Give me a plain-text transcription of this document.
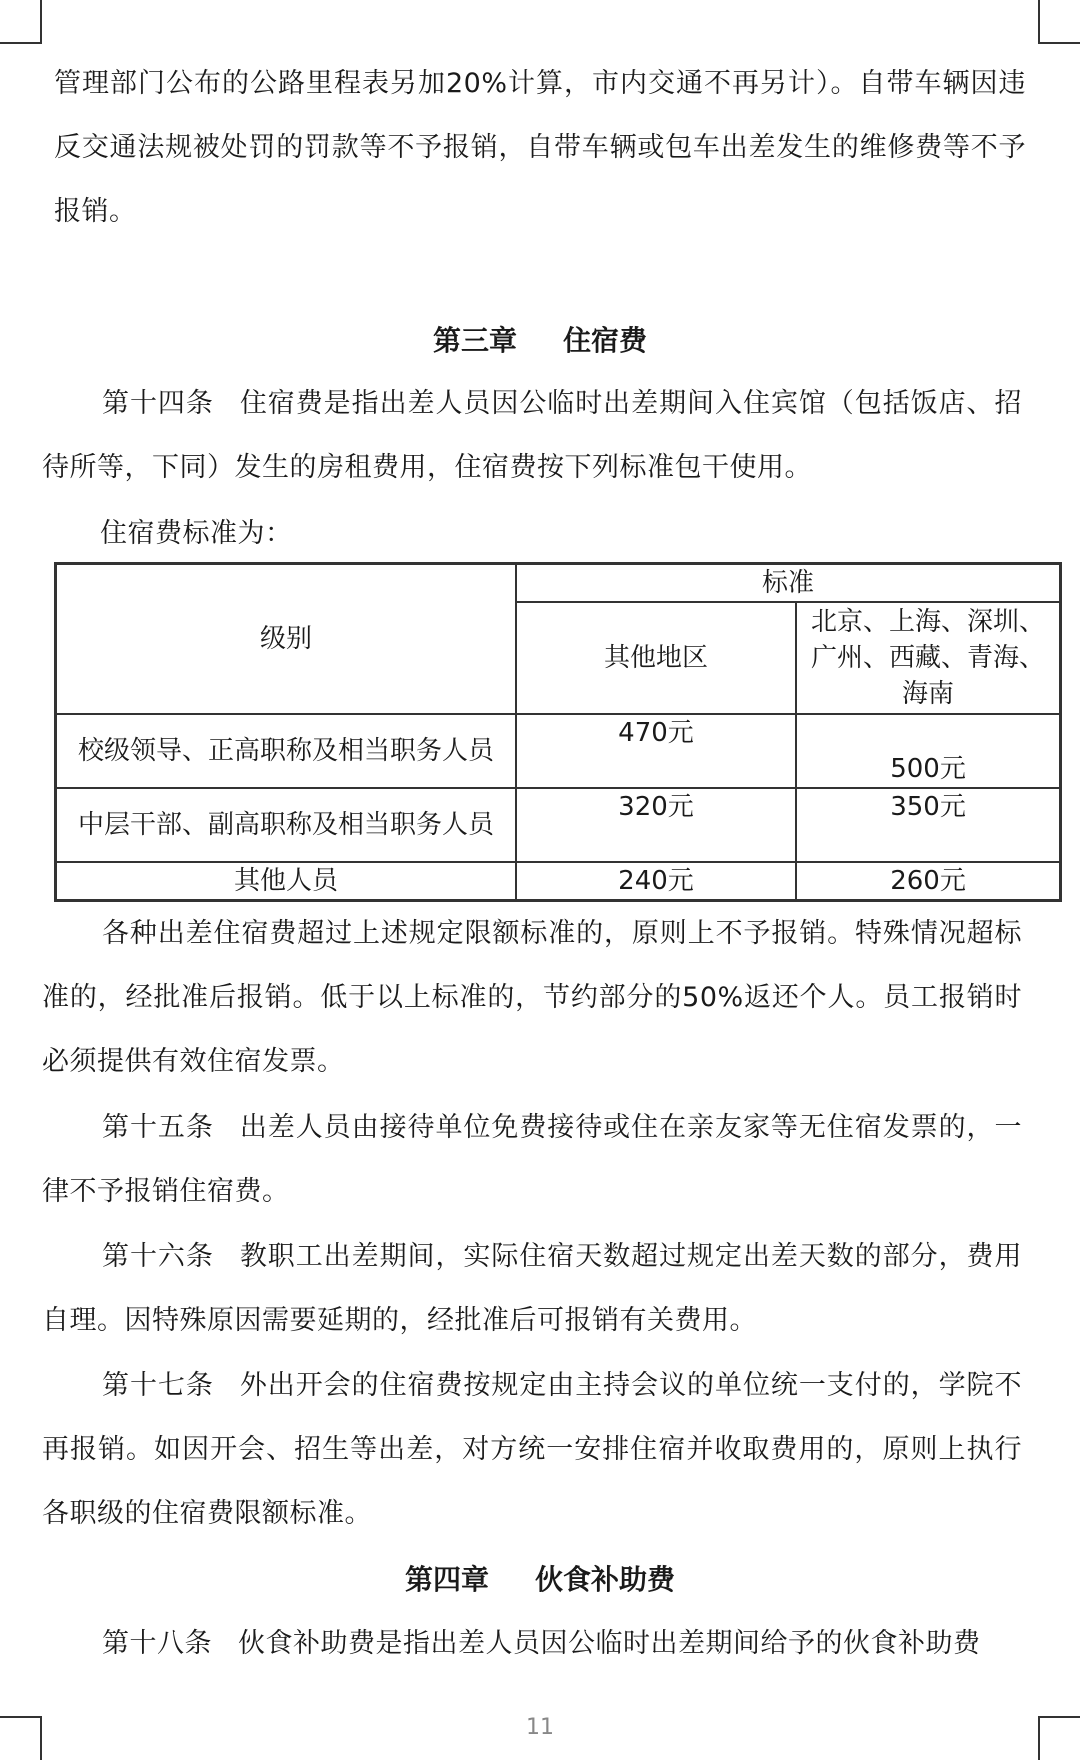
管理部门公布的公路里程表另加20%计算，市内交通不再另计）。自带车辆因违反交通法规被处罚的罚款等不予报销，自带车辆或包车出差发生的维修费等不予报销。

第三章 住宿费

第十四条 住宿费是指出差人员因公临时出差期间入住宾馆（包括饭店、招待所等，下同）发生的房租费用，住宿费按下列标准包干使用。

住宿费标准为：

级别	标准	
	其他地区	北京、上海、深圳、广州、西藏、青海、海南
校级领导、正高职称及相当职务人员	470元	500元
中层干部、副高职称及相当职务人员	320元	350元
其他人员	240元	260元

各种出差住宿费超过上述规定限额标准的，原则上不予报销。特殊情况超标准的，经批准后报销。低于以上标准的，节约部分的50%返还个人。员工报销时必须提供有效住宿发票。

第十五条 出差人员由接待单位免费接待或住在亲友家等无住宿发票的，一律不予报销住宿费。

第十六条 教职工出差期间，实际住宿天数超过规定出差天数的部分，费用自理。因特殊原因需要延期的，经批准后可报销有关费用。

第十七条 外出开会的住宿费按规定由主持会议的单位统一支付的，学院不再报销。如因开会、招生等出差，对方统一安排住宿并收取费用的，原则上执行各职级的住宿费限额标准。

第四章 伙食补助费

第十八条 伙食补助费是指出差人员因公临时出差期间给予的伙食补助费

11
